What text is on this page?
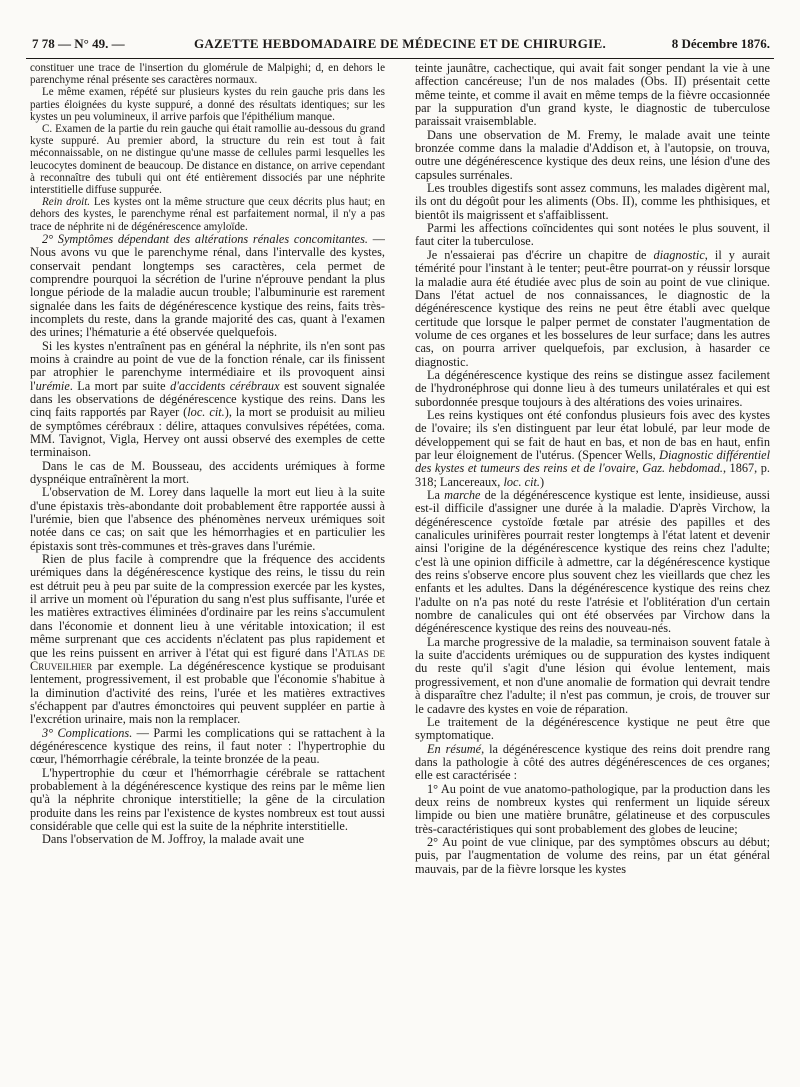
7 78 — N° 49. —	GAZETTE HEBDOMADAIRE DE MÉDECINE ET DE CHIRURGIE.	8 Décembre 1876.

constituer une trace de l'insertion du glomérule de Malpighi; d, en dehors le parenchyme rénal présente ses caractères normaux.

Le même examen, répété sur plusieurs kystes du rein gauche pris dans les parties éloignées du kyste suppuré, a donné des résultats identiques; sur les kystes un peu volumineux, il arrive parfois que l'épithélium manque.

C. Examen de la partie du rein gauche qui était ramollie au-dessous du grand kyste suppuré. Au premier abord, la structure du rein est tout à fait méconnaissable, on ne distingue qu'une masse de cellules parmi lesquelles les leucocytes dominent de beaucoup. De distance en distance, on arrive cependant à reconnaître des tubuli qui ont été entièrement dissociés par une néphrite interstitielle diffuse suppurée.

Rein droit. Les kystes ont la même structure que ceux décrits plus haut; en dehors des kystes, le parenchyme rénal est parfaitement normal, il n'y a pas trace de néphrite ni de dégénérescence amyloïde.

2° Symptômes dépendant des altérations rénales concomitantes. — Nous avons vu que le parenchyme rénal, dans l'intervalle des kystes, conservait pendant longtemps ses caractères, cela permet de comprendre pourquoi la sécrétion de l'urine n'éprouve pendant la plus longue période de la maladie aucun trouble; l'albuminurie est rarement signalée dans les faits de dégénérescence kystique des reins, faits très-incomplets du reste, dans la grande majorité des cas, quant à l'examen des urines; l'hématurie a été observée quelquefois.

Si les kystes n'entraînent pas en général la néphrite, ils n'en sont pas moins à craindre au point de vue de la fonction rénale, car ils finissent par atrophier le parenchyme intermédiaire et ils provoquent ainsi l'urémie. La mort par suite d'accidents cérébraux est souvent signalée dans les observations de dégénérescence kystique des reins. Dans les cinq faits rapportés par Rayer (loc. cit.), la mort se produisit au milieu de symptômes cérébraux : délire, attaques convulsives répétées, coma. MM. Tavignot, Vigla, Hervey ont aussi observé des exemples de cette terminaison.

Dans le cas de M. Bousseau, des accidents urémiques à forme dyspnéique entraînèrent la mort.

L'observation de M. Lorey dans laquelle la mort eut lieu à la suite d'une épistaxis très-abondante doit probablement être rapportée aussi à l'urémie, bien que l'absence des phénomènes nerveux urémiques soit notée dans ce cas; on sait que les hémorrhagies et en particulier les épistaxis sont très-communes et très-graves dans l'urémie.

Rien de plus facile à comprendre que la fréquence des accidents urémiques dans la dégénérescence kystique des reins, le tissu du rein est détruit peu à peu par suite de la compression exercée par les kystes, il arrive un moment où l'épuration du sang n'est plus suffisante, l'urée et les matières extractives éliminées d'ordinaire par les reins s'accumulent dans l'économie et donnent lieu à une véritable intoxication; il est même surprenant que ces accidents n'éclatent pas plus rapidement et que les reins puissent en arriver à l'état qui est figuré dans l'Atlas de Cruveilhier par exemple. La dégénérescence kystique se produisant lentement, progressivement, il est probable que l'économie s'habitue à la diminution d'activité des reins, l'urée et les matières extractives s'échappent par d'autres émonctoires qui peuvent suppléer en partie à l'excrétion urinaire, mais non la remplacer.

3° Complications. — Parmi les complications qui se rattachent à la dégénérescence kystique des reins, il faut noter : l'hypertrophie du cœur, l'hémorrhagie cérébrale, la teinte bronzée de la peau.

L'hypertrophie du cœur et l'hémorrhagie cérébrale se rattachent probablement à la dégénérescence kystique des reins par le même lien qu'à la néphrite chronique interstitielle; la gêne de la circulation produite dans les reins par l'existence de kystes nombreux est tout aussi considérable que celle qui est la suite de la néphrite interstitielle.

Dans l'observation de M. Joffroy, la malade avait une

teinte jaunâtre, cachectique, qui avait fait songer pendant la vie à une affection cancéreuse; l'un de nos malades (Obs. II) présentait cette même teinte, et comme il avait en même temps de la fièvre occasionnée par la suppuration d'un grand kyste, le diagnostic de tuberculose paraissait vraisemblable.

Dans une observation de M. Fremy, le malade avait une teinte bronzée comme dans la maladie d'Addison et, à l'autopsie, on trouva, outre une dégénérescence kystique des deux reins, une lésion d'une des capsules surrénales.

Les troubles digestifs sont assez communs, les malades digèrent mal, ils ont du dégoût pour les aliments (Obs. II), comme les phthisiques, et bientôt ils maigrissent et s'affaiblissent.

Parmi les affections coïncidentes qui sont notées le plus souvent, il faut citer la tuberculose.

Je n'essaierai pas d'écrire un chapitre de diagnostic, il y aurait témérité pour l'instant à le tenter; peut-être pourrat-on y réussir lorsque la maladie aura été étudiée avec plus de soin au point de vue clinique. Dans l'état actuel de nos connaissances, le diagnostic de la dégénérescence kystique des reins ne peut être établi avec quelque certitude que lorsque le palper permet de constater l'augmentation de volume de ces organes et les bosselures de leur surface; dans les autres cas, on pourra arriver quelquefois, par exclusion, à hasarder ce diagnostic.

La dégénérescence kystique des reins se distingue assez facilement de l'hydronéphrose qui donne lieu à des tumeurs unilatérales et qui est subordonnée presque toujours à des altérations des voies urinaires.

Les reins kystiques ont été confondus plusieurs fois avec des kystes de l'ovaire; ils s'en distinguent par leur état lobulé, par leur mode de développement qui se fait de haut en bas, et non de bas en haut, enfin par leur éloignement de l'utérus. (Spencer Wells, Diagnostic différentiel des kystes et tumeurs des reins et de l'ovaire, Gaz. hebdomad., 1867, p. 318; Lancereaux, loc. cit.)

La marche de la dégénérescence kystique est lente, insidieuse, aussi est-il difficile d'assigner une durée à la maladie. D'après Virchow, la dégénérescence cystoïde fœtale par atrésie des papilles et des canalicules urinifères pourrait rester longtemps à l'état latent et devenir ainsi l'origine de la dégénérescence kystique des reins chez l'adulte; c'est là une opinion difficile à admettre, car la dégénérescence kystique des reins s'observe encore plus souvent chez les vieillards que chez les enfants et les adultes. Dans la dégénérescence kystique des reins chez l'adulte on n'a pas noté du reste l'atrésie et l'oblitération d'un certain nombre de canalicules qui ont été observées par Virchow dans la dégénérescence kystique des reins des nouveau-nés.

La marche progressive de la maladie, sa terminaison souvent fatale à la suite d'accidents urémiques ou de suppuration des kystes indiquent du reste qu'il s'agit d'une lésion qui évolue lentement, mais progressivement, et non d'une anomalie de formation qui devrait tendre à disparaître chez l'adulte; il n'est pas commun, je crois, de trouver sur le cadavre des kystes en voie de réparation.

Le traitement de la dégénérescence kystique ne peut être que symptomatique.

En résumé, la dégénérescence kystique des reins doit prendre rang dans la pathologie à côté des autres dégénérescences de ces organes; elle est caractérisée :

1° Au point de vue anatomo-pathologique, par la production dans les deux reins de nombreux kystes qui renferment un liquide séreux limpide ou bien une matière brunâtre, gélatineuse et des corpuscules très-caractéristiques qui sont probablement des globes de leucine;

2° Au point de vue clinique, par des symptômes obscurs au début; puis, par l'augmentation de volume des reins, par un état général mauvais, par de la fièvre lorsque les kystes
